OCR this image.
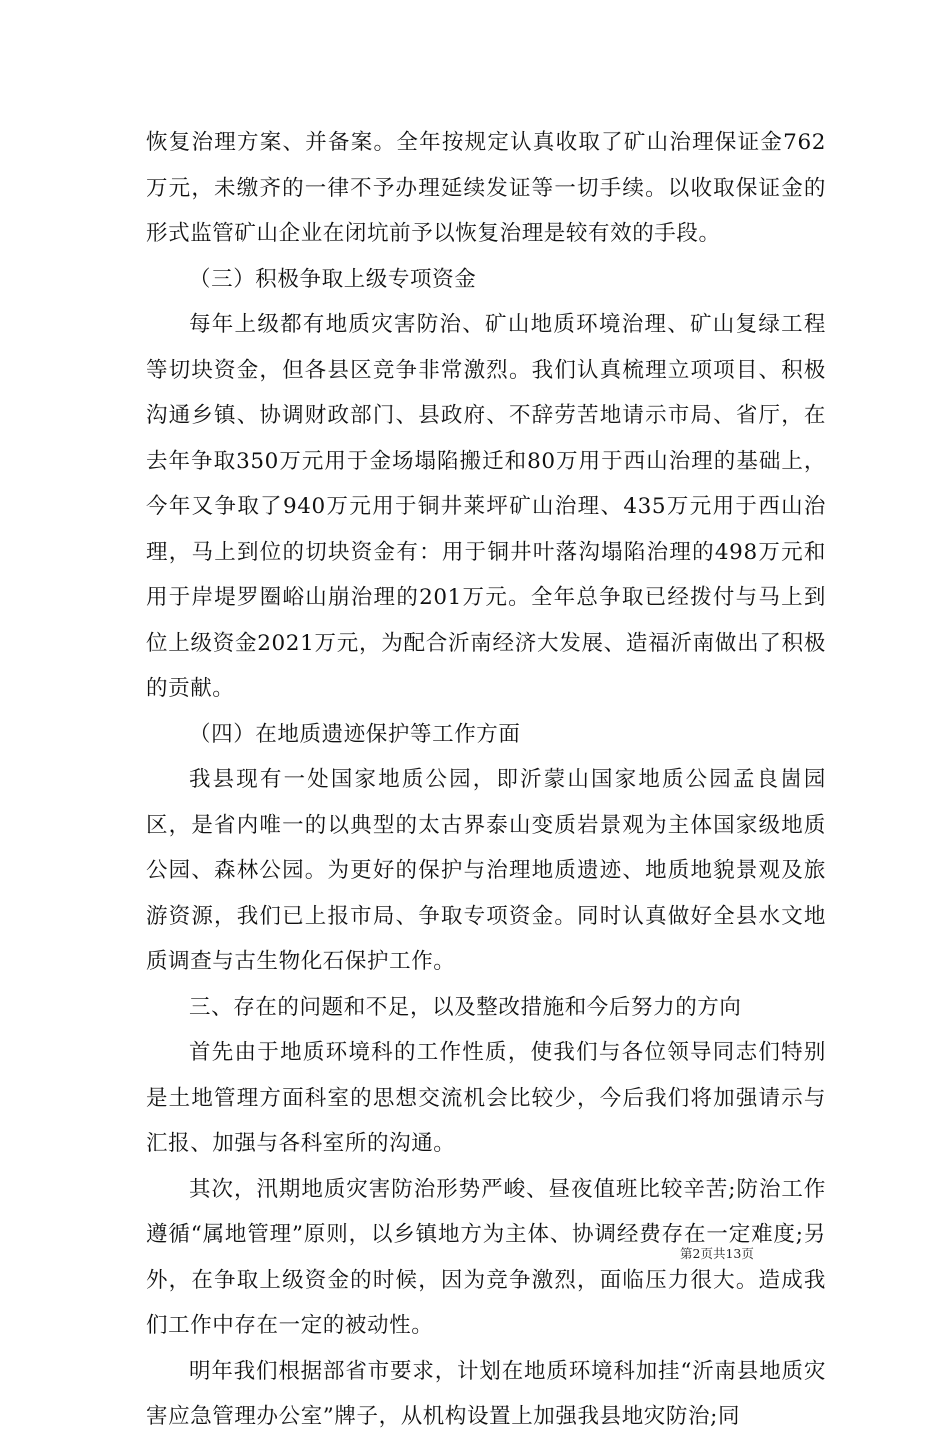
恢复治理方案、并备案。全年按规定认真收取了矿山治理保证金762万元，未缴齐的一律不予办理延续发证等一切手续。以收取保证金的形式监管矿山企业在闭坑前予以恢复治理是较有效的手段。

（三）积极争取上级专项资金

每年上级都有地质灾害防治、矿山地质环境治理、矿山复绿工程等切块资金，但各县区竞争非常激烈。我们认真梳理立项项目、积极沟通乡镇、协调财政部门、县政府、不辞劳苦地请示市局、省厅，在去年争取350万元用于金场塌陷搬迁和80万用于西山治理的基础上，今年又争取了940万元用于铜井莱坪矿山治理、435万元用于西山治理，马上到位的切块资金有：用于铜井叶落沟塌陷治理的498万元和用于岸堤罗圈峪山崩治理的201万元。全年总争取已经拨付与马上到位上级资金2021万元，为配合沂南经济大发展、造福沂南做出了积极的贡献。

（四）在地质遗迹保护等工作方面

我县现有一处国家地质公园，即沂蒙山国家地质公园孟良崮园区，是省内唯一的以典型的太古界泰山变质岩景观为主体国家级地质公园、森林公园。为更好的保护与治理地质遗迹、地质地貌景观及旅游资源，我们已上报市局、争取专项资金。同时认真做好全县水文地质调查与古生物化石保护工作。

三、存在的问题和不足，以及整改措施和今后努力的方向

首先由于地质环境科的工作性质，使我们与各位领导同志们特别是土地管理方面科室的思想交流机会比较少，今后我们将加强请示与汇报、加强与各科室所的沟通。

其次，汛期地质灾害防治形势严峻、昼夜值班比较辛苦;防治工作遵循“属地管理”原则，以乡镇地方为主体、协调经费存在一定难度;另外，在争取上级资金的时候，因为竞争激烈，面临压力很大。造成我们工作中存在一定的被动性。

明年我们根据部省市要求，计划在地质环境科加挂“沂南县地质灾害应急管理办公室”牌子，从机构设置上加强我县地灾防治;同

第2页共13页
